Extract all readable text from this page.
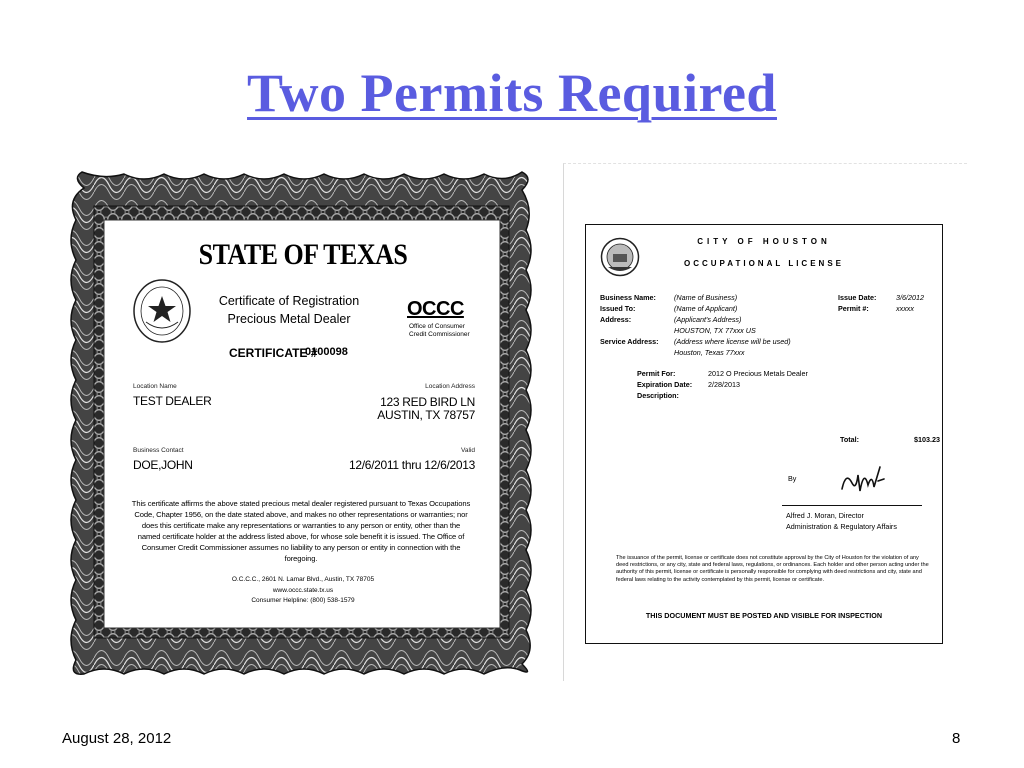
Two Permits Required
STATE OF TEXAS
Certificate of Registration
Precious Metal Dealer	OCCC
Office of Consumer Credit Commissioner
CERTIFICATE #
0100098
Location Name
TEST DEALER
Location Address
123 RED BIRD LN
AUSTIN, TX 78757
Business Contact
DOE,JOHN
Valid
12/6/2011 thru 12/6/2013
This certificate affirms the above stated precious metal dealer registered pursuant to Texas Occupations Code, Chapter 1956, on the date stated above, and makes no other representations or warranties; nor does this certificate make any representations or warranties to any person or entity, other than the named certificate holder at the address listed above, for whose sole benefit it is issued. The Office of Consumer Credit Commissioner assumes no liability to any person or entity in connection with the foregoing.
O.C.C.C., 2601 N. Lamar Blvd., Austin, TX 78705
www.occc.state.tx.us
Consumer Helpline: (800) 538-1579
CITY OF HOUSTON
OCCUPATIONAL LICENSE
Business Name:	(Name of Business)
Issued To:	(Name of Applicant)
Address:	(Applicant's Address)
HOUSTON, TX 77xxx US
Service Address: (Address where license will be used)
Houston, Texas 77xxx
Issue Date:	3/6/2012
Permit #:	xxxxx
Permit For:	2012 O Precious Metals Dealer
Expiration Date: 2/28/2013
Description:
Total:	$103.23
By
Alfred J. Moran, Director
Administration & Regulatory Affairs
The issuance of the permit, license or certificate does not constitute approval by the City of Houston for the violation of any deed restrictions, or any city, state and federal laws, regulations, or ordinances. Each holder and other person acting under the authority of this permit, license or certificate is personally responsible for complying with deed restrictions and city, state and federal laws relating to the activity contemplated by this permit, license or certificate.
THIS DOCUMENT MUST BE POSTED AND VISIBLE FOR INSPECTION
August 28, 2012	8
